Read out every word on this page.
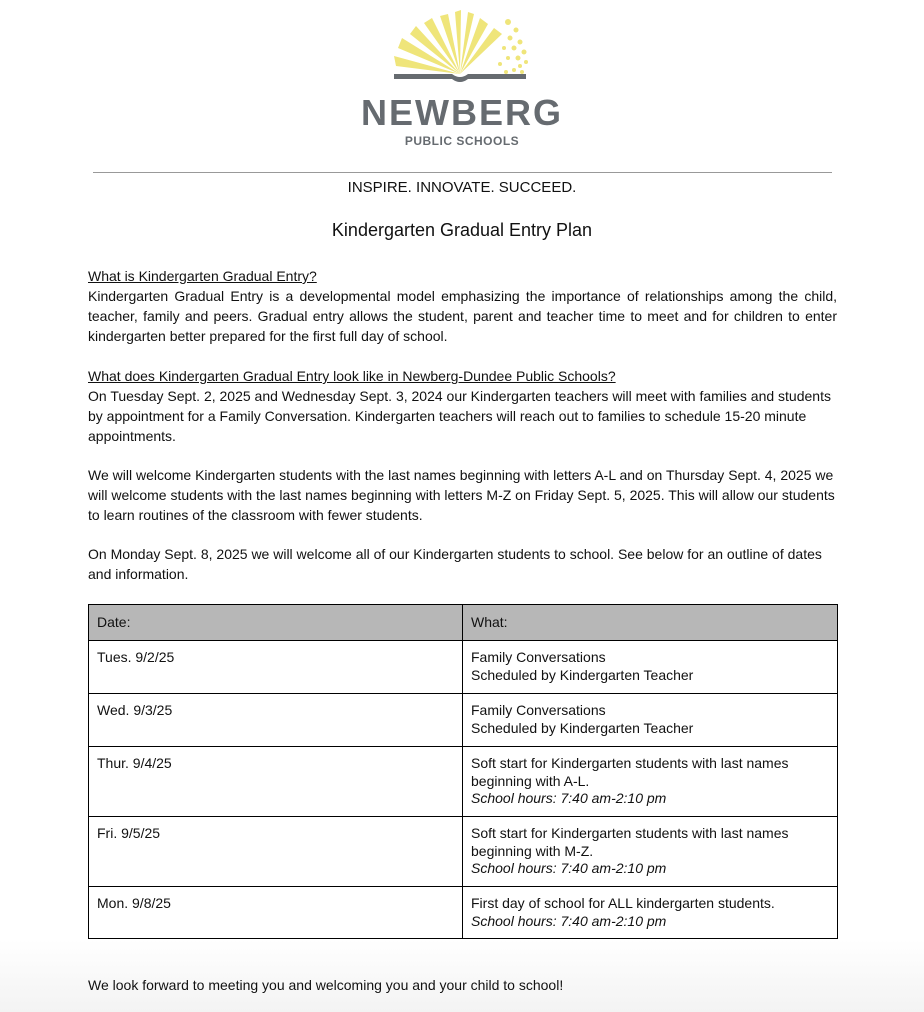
NEWBERG
PUBLIC SCHOOLS
INSPIRE. INNOVATE. SUCCEED.
Kindergarten Gradual Entry Plan
What is Kindergarten Gradual Entry?
Kindergarten Gradual Entry is a developmental model emphasizing the importance of relationships among the child, teacher, family and peers. Gradual entry allows the student, parent and teacher time to meet and for children to enter kindergarten better prepared for the first full day of school.
What does Kindergarten Gradual Entry look like in Newberg-Dundee Public Schools?
On Tuesday Sept. 2, 2025 and Wednesday Sept. 3, 2024 our Kindergarten teachers will meet with families and students by appointment for a Family Conversation. Kindergarten teachers will reach out to families to schedule 15-20 minute appointments.
We will welcome Kindergarten students with the last names beginning with letters A-L and on Thursday Sept. 4, 2025 we will welcome students with the last names beginning with letters M-Z on Friday Sept. 5, 2025. This will allow our students to learn routines of the classroom with fewer students.
On Monday Sept. 8, 2025 we will welcome all of our Kindergarten students to school. See below for an outline of dates and information.
Date:	What:
Tues. 9/2/25	Family Conversations
Scheduled by Kindergarten Teacher

Wed. 9/3/25	Family Conversations
Scheduled by Kindergarten Teacher

Thur. 9/4/25	Soft start for Kindergarten students with last names beginning with A-L.
School hours: 7:40 am-2:10 pm

Fri. 9/5/25	Soft start for Kindergarten students with last names beginning with M-Z.
School hours: 7:40 am-2:10 pm

Mon. 9/8/25	First day of school for ALL kindergarten students.
School hours: 7:40 am-2:10 pm
We look forward to meeting you and welcoming you and your child to school!
